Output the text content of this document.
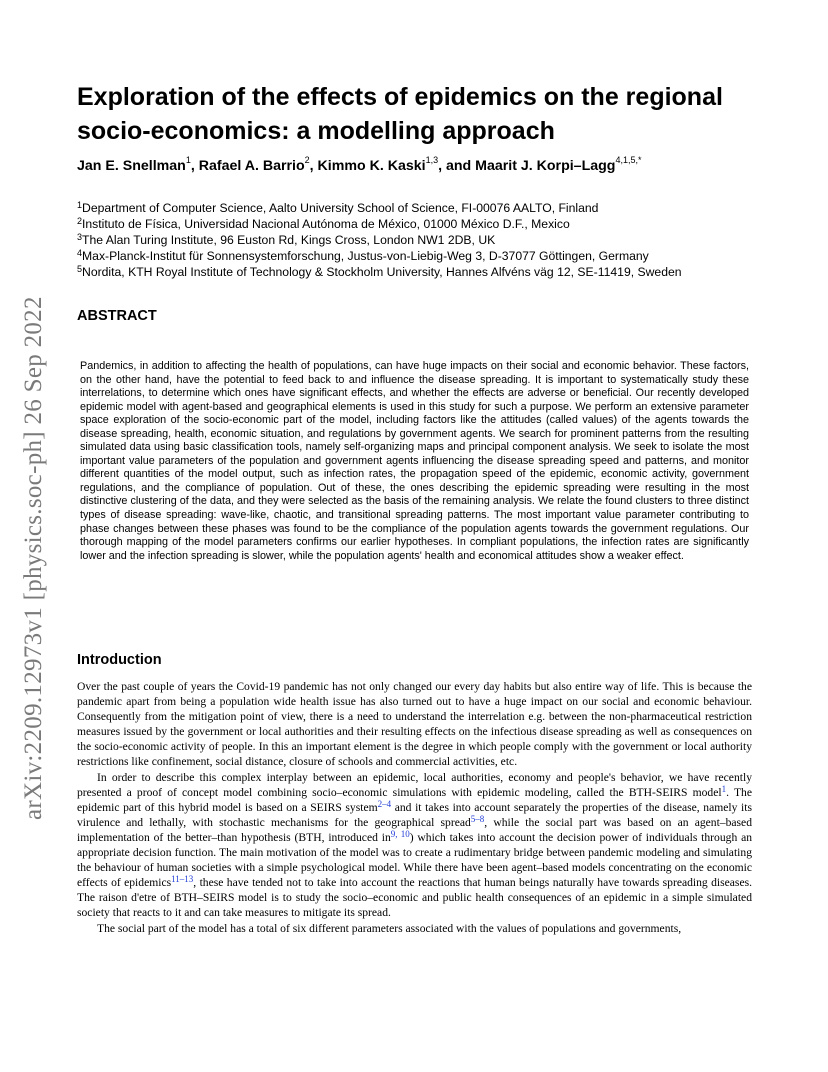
arXiv:2209.12973v1 [physics.soc-ph] 26 Sep 2022
Exploration of the effects of epidemics on the regional socio-economics: a modelling approach
Jan E. Snellman$^1$, Rafael A. Barrio$^2$, Kimmo K. Kaski$^{1,3}$, and Maarit J. Korpi–Lagg$^{4,1,5,*}$
$^1$Department of Computer Science, Aalto University School of Science, FI-00076 AALTO, Finland
$^2$Instituto de Física, Universidad Nacional Autónoma de México, 01000 México D.F., Mexico
$^3$The Alan Turing Institute, 96 Euston Rd, Kings Cross, London NW1 2DB, UK
$^4$Max-Planck-Institut für Sonnensystemforschung, Justus-von-Liebig-Weg 3, D-37077 Göttingen, Germany
$^5$Nordita, KTH Royal Institute of Technology & Stockholm University, Hannes Alfvéns väg 12, SE-11419, Sweden
ABSTRACT

Pandemics, in addition to affecting the health of populations, can have huge impacts on their social and economic behavior. These factors, on the other hand, have the potential to feed back to and influence the disease spreading. It is important to systematically study these interrelations, to determine which ones have significant effects, and whether the effects are adverse or beneficial. Our recently developed epidemic model with agent-based and geographical elements is used in this study for such a purpose. We perform an extensive parameter space exploration of the socio-economic part of the model, including factors like the attitudes (called values) of the agents towards the disease spreading, health, economic situation, and regulations by government agents. We search for prominent patterns from the resulting simulated data using basic classification tools, namely self-organizing maps and principal component analysis. We seek to isolate the most important value parameters of the population and government agents influencing the disease spreading speed and patterns, and monitor different quantities of the model output, such as infection rates, the propagation speed of the epidemic, economic activity, government regulations, and the compliance of population. Out of these, the ones describing the epidemic spreading were resulting in the most distinctive clustering of the data, and they were selected as the basis of the remaining analysis. We relate the found clusters to three distinct types of disease spreading: wave-like, chaotic, and transitional spreading patterns. The most important value parameter contributing to phase changes between these phases was found to be the compliance of the population agents towards the government regulations. Our thorough mapping of the model parameters confirms our earlier hypotheses. In compliant populations, the infection rates are significantly lower and the infection spreading is slower, while the population agents' health and economical attitudes show a weaker effect.

Introduction

Over the past couple of years the Covid-19 pandemic has not only changed our every day habits but also entire way of life. This is because the pandemic apart from being a population wide health issue has also turned out to have a huge impact on our social and economic behaviour. Consequently from the mitigation point of view, there is a need to understand the interrelation e.g. between the non-pharmaceutical restriction measures issued by the government or local authorities and their resulting effects on the infectious disease spreading as well as consequences on the socio-economic activity of people. In this an important element is the degree in which people comply with the government or local authority restrictions like confinement, social distance, closure of schools and commercial activities, etc.

In order to describe this complex interplay between an epidemic, local authorities, economy and people's behavior, we have recently presented a proof of concept model combining socio–economic simulations with epidemic modeling, called the BTH-SEIRS model$^1$. The epidemic part of this hybrid model is based on a SEIRS system$^{2-4}$ and it takes into account separately the properties of the disease, namely its virulence and lethally, with stochastic mechanisms for the geographical spread$^{5-8}$, while the social part was based on an agent–based implementation of the better–than hypothesis (BTH, introduced in$^{9, 10}$) which takes into account the decision power of individuals through an appropriate decision function. The main motivation of the model was to create a rudimentary bridge between pandemic modeling and simulating the behaviour of human societies with a simple psychological model. While there have been agent–based models concentrating on the economic effects of epidemics$^{11-13}$, these have tended not to take into account the reactions that human beings naturally have towards spreading diseases. The raison d'etre of BTH–SEIRS model is to study the socio–economic and public health consequences of an epidemic in a simple simulated society that reacts to it and can take measures to mitigate its spread.

The social part of the model has a total of six different parameters associated with the values of populations and governments,
